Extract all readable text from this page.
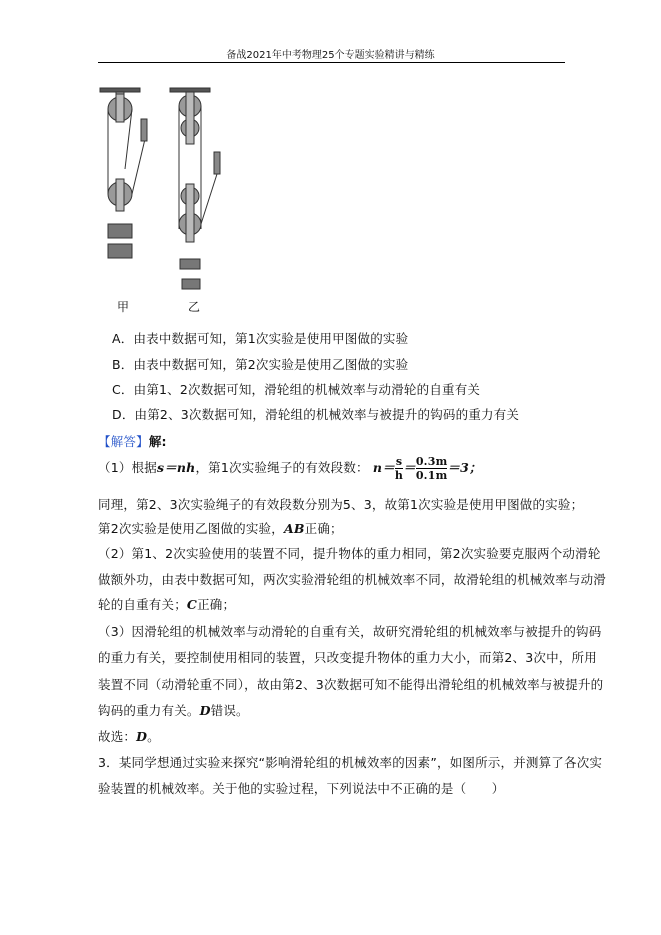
备战2021年中考物理25个专题实验精讲与精练
甲	乙
A．由表中数据可知，第1次实验是使用甲图做的实验
B．由表中数据可知，第2次实验是使用乙图做的实验
C．由第1、2次数据可知，滑轮组的机械效率与动滑轮的自重有关
D．由第2、3次数据可知，滑轮组的机械效率与被提升的钩码的重力有关
【解答】解:
（1）根据s＝nh，第1次实验绳子的有效段数： $n= \frac{s}{h} = \frac{0.3m}{0.1m} =3$；
同理，第2、3次实验绳子的有效段数分别为5、3，故第1次实验是使用甲图做的实验；
第2次实验是使用乙图做的实验，AB正确；
（2）第1、2次实验使用的装置不同，提升物体的重力相同，第2次实验要克服两个动滑轮
做额外功，由表中数据可知，两次实验滑轮组的机械效率不同，故滑轮组的机械效率与动滑
轮的自重有关；C正确；
（3）因滑轮组的机械效率与动滑轮的自重有关，故研究滑轮组的机械效率与被提升的钩码
的重力有关，要控制使用相同的装置，只改变提升物体的重力大小，而第2、3次中，所用
装置不同（动滑轮重不同），故由第2、3次数据可知不能得出滑轮组的机械效率与被提升的
钩码的重力有关。D错误。
故选：D。
3．某同学想通过实验来探究“影响滑轮组的机械效率的因素”，如图所示，并测算了各次实
验装置的机械效率。关于他的实验过程，下列说法中不正确的是（　　）
